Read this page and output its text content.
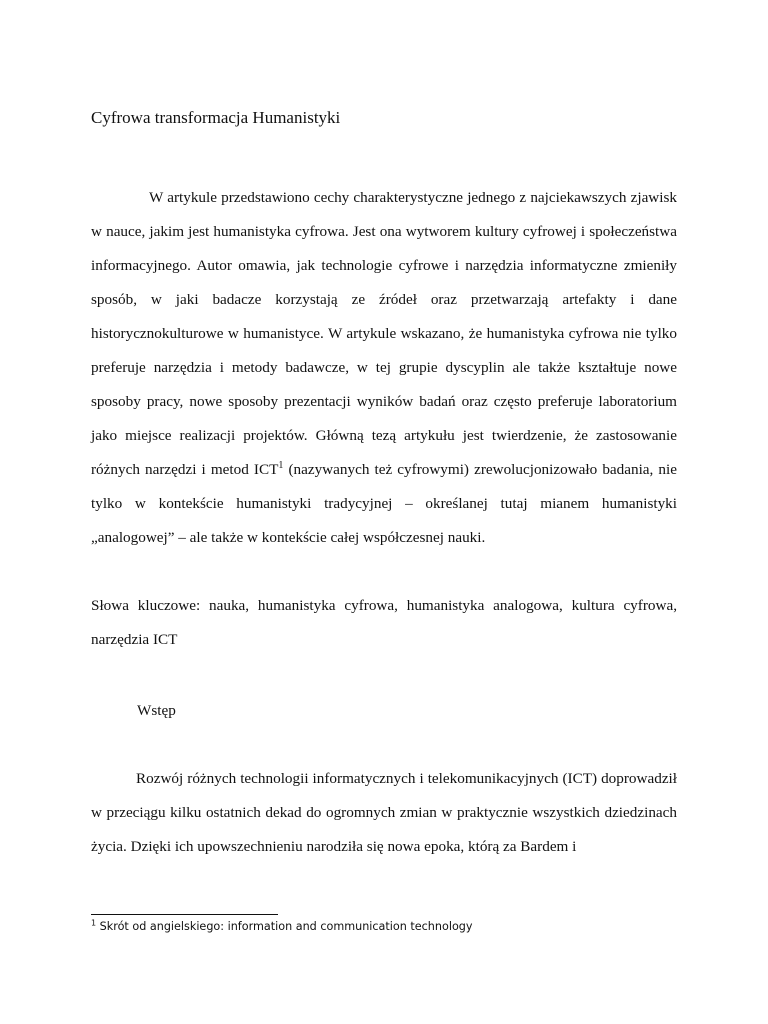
Cyfrowa transformacja Humanistyki

W artykule przedstawiono cechy charakterystyczne jednego z najciekawszych zjawisk w nauce, jakim jest humanistyka cyfrowa. Jest ona wytworem kultury cyfrowej i społeczeństwa informacyjnego. Autor omawia, jak technologie cyfrowe i narzędzia informatyczne zmieniły sposób, w jaki badacze korzystają ze źródeł oraz przetwarzają artefakty i dane historycznokulturowe w humanistyce. W artykule wskazano, że humanistyka cyfrowa nie tylko preferuje narzędzia i metody badawcze, w tej grupie dyscyplin ale także kształtuje nowe sposoby pracy, nowe sposoby prezentacji wyników badań oraz często preferuje laboratorium jako miejsce realizacji projektów. Główną tezą artykułu jest twierdzenie, że zastosowanie różnych narzędzi i metod ICT$^1$ (nazywanych też cyfrowymi) zrewolucjonizowało badania, nie tylko w kontekście humanistyki tradycyjnej – określanej tutaj mianem humanistyki „analogowej” – ale także w kontekście całej współczesnej nauki.

Słowa kluczowe: nauka, humanistyka cyfrowa, humanistyka analogowa, kultura cyfrowa, narzędzia ICT

Wstęp

Rozwój różnych technologii informatycznych i telekomunikacyjnych (ICT) doprowadził w przeciągu kilku ostatnich dekad do ogromnych zmian w praktycznie wszystkich dziedzinach życia. Dzięki ich upowszechnieniu narodziła się nowa epoka, którą za Bardem i

$^1$ Skrót od angielskiego: information and communication technology
